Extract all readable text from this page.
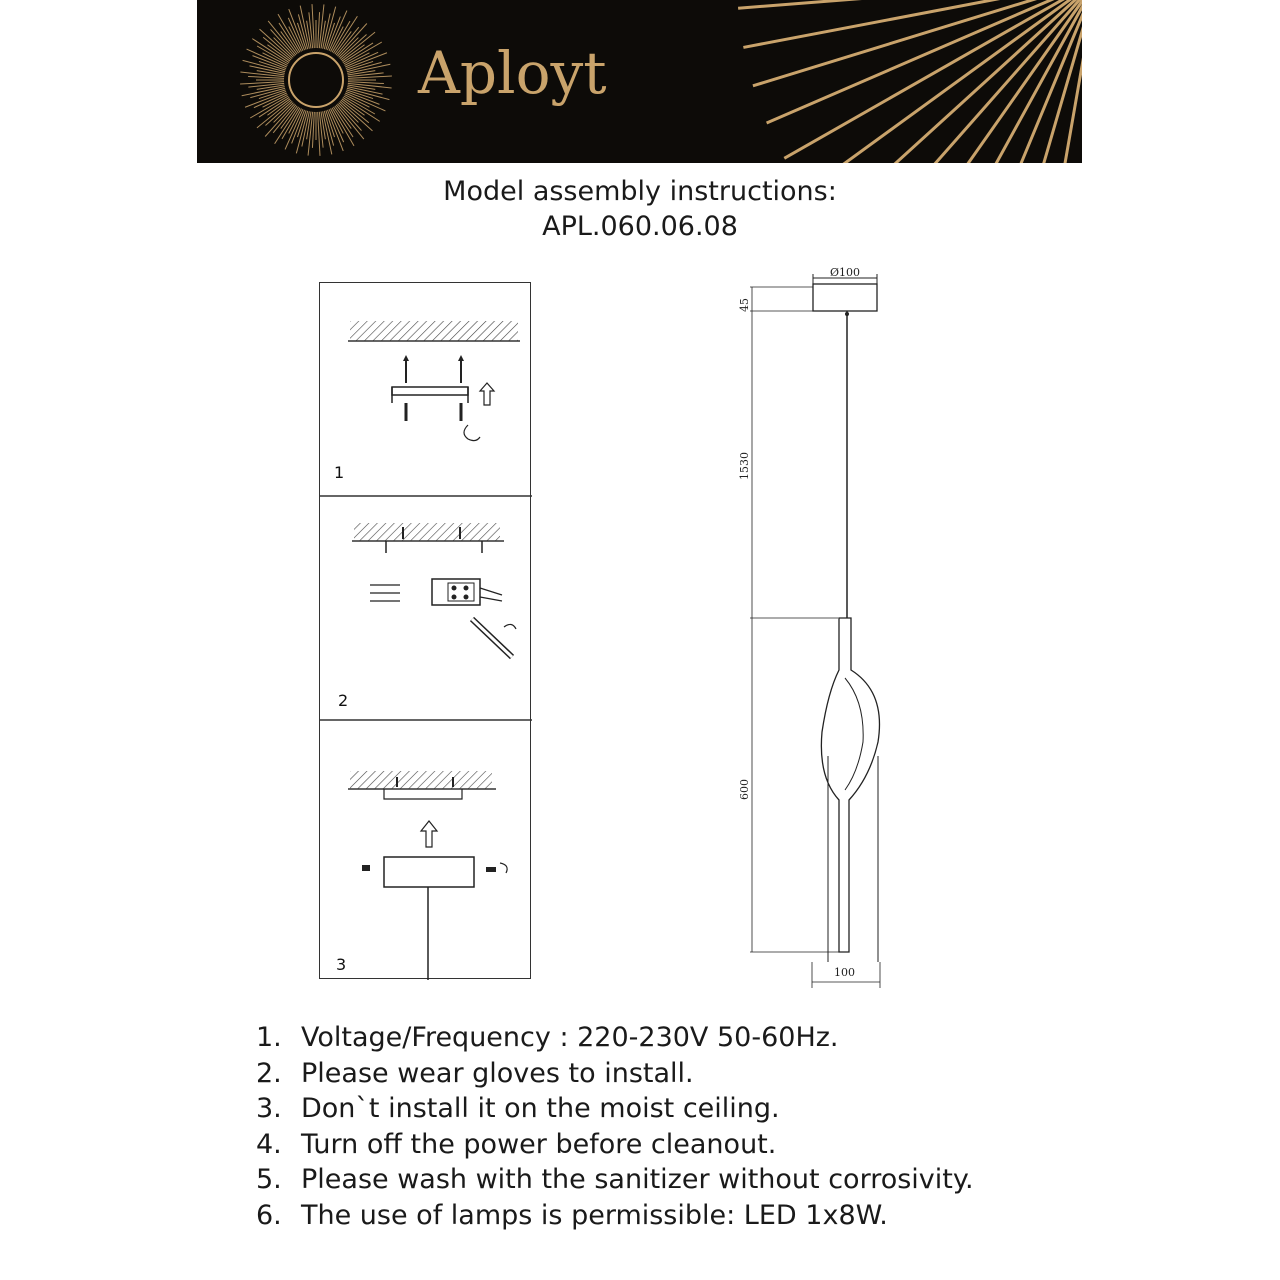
Aployt
Model assembly instructions:
APL.060.06.08
1
2
3
Ø100
45
1530
600
100
1. Voltage/Frequency : 220-230V 50-60Hz.
2. Please wear gloves to install.
3. Don`t install it on the moist ceiling.
4. Turn off the power before cleanout.
5. Please wash with the sanitizer without corrosivity.
6. The use of lamps is permissible: LED 1x8W.
